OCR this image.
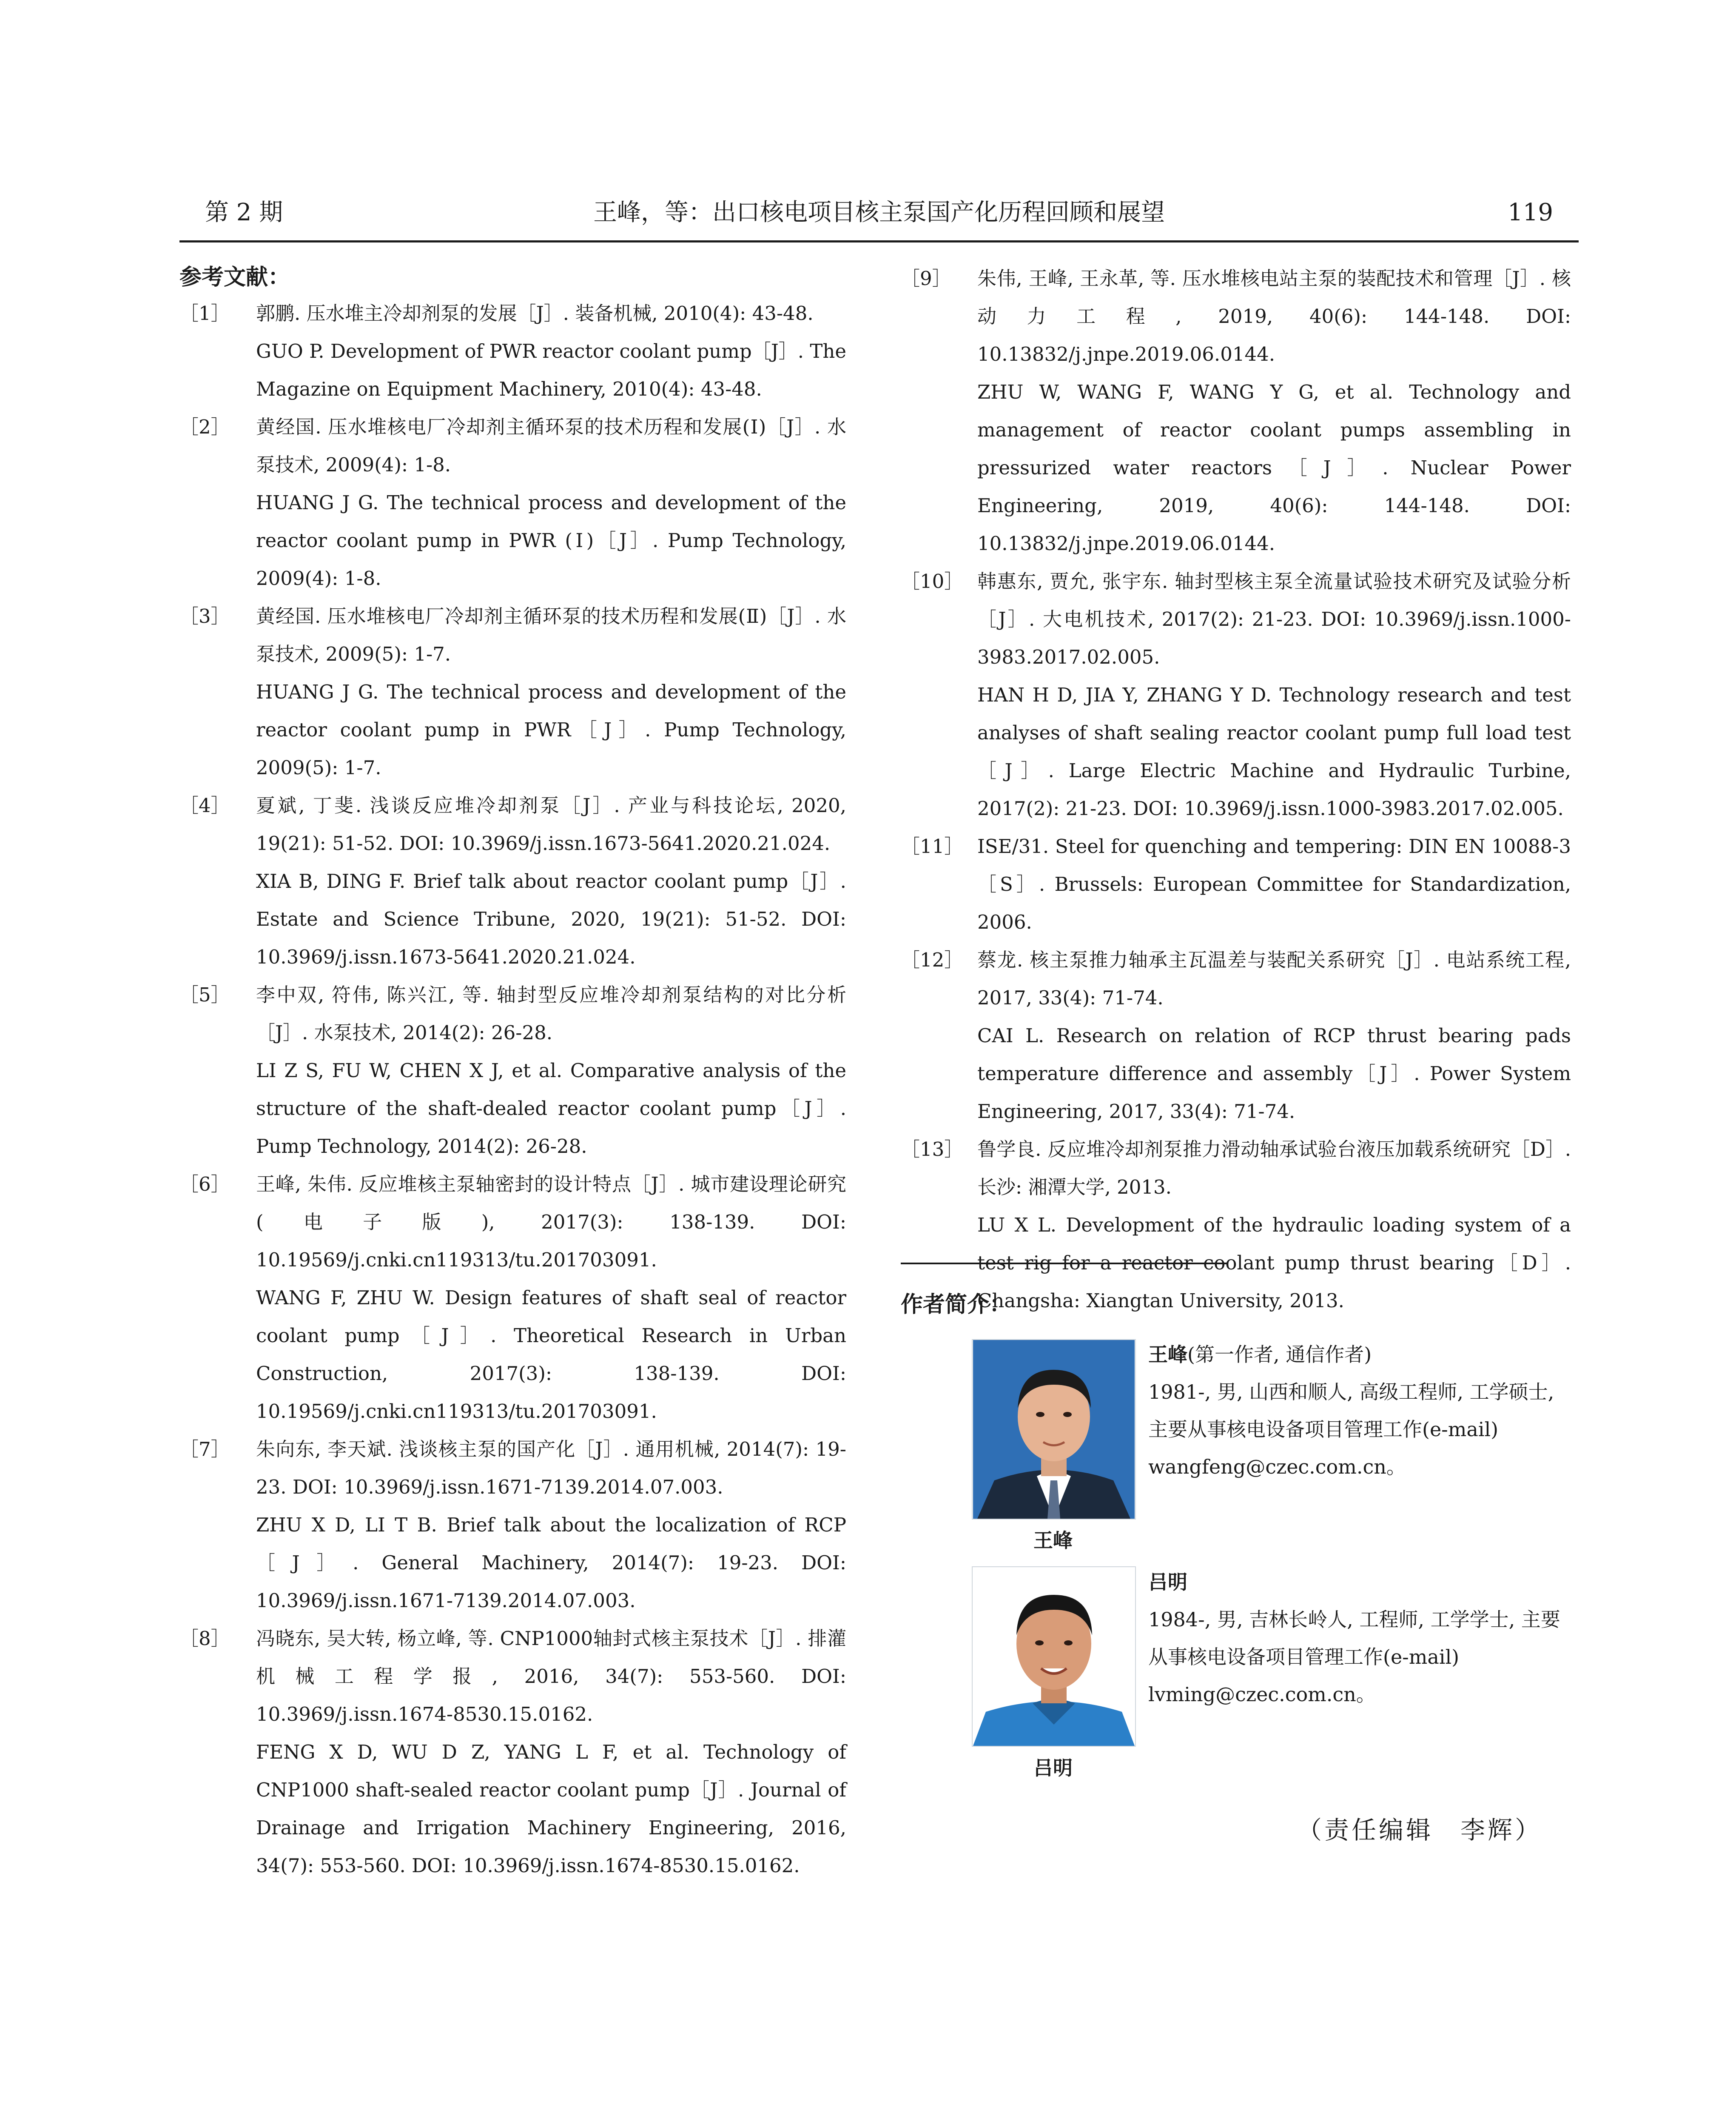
第 2 期	王峰，等：出口核电项目核主泵国产化历程回顾和展望	119
参考文献：
［1］ 郭鹏. 压水堆主冷却剂泵的发展［J］. 装备机械, 2010(4): 43-48.
GUO P. Development of PWR reactor coolant pump［J］. The Magazine on Equipment Machinery, 2010(4): 43-48.
［2］ 黄经国. 压水堆核电厂冷却剂主循环泵的技术历程和发展(Ⅰ)［J］. 水泵技术, 2009(4): 1-8.
HUANG J G. The technical process and development of the reactor coolant pump in PWR (Ⅰ)［J］. Pump Technology, 2009(4): 1-8.
［3］ 黄经国. 压水堆核电厂冷却剂主循环泵的技术历程和发展(Ⅱ)［J］. 水泵技术, 2009(5): 1-7.
HUANG J G. The technical process and development of the reactor coolant pump in PWR［J］. Pump Technology, 2009(5): 1-7.
［4］ 夏斌, 丁斐. 浅谈反应堆冷却剂泵［J］. 产业与科技论坛, 2020, 19(21): 51-52. DOI: 10.3969/j.issn.1673-5641.2020.21.024.
XIA B, DING F. Brief talk about reactor coolant pump［J］. Estate and Science Tribune, 2020, 19(21): 51-52. DOI: 10.3969/j.issn.1673-5641.2020.21.024.
［5］ 李中双, 符伟, 陈兴江, 等. 轴封型反应堆冷却剂泵结构的对比分析［J］. 水泵技术, 2014(2): 26-28.
LI Z S, FU W, CHEN X J, et al. Comparative analysis of the structure of the shaft-dealed reactor coolant pump［J］. Pump Technology, 2014(2): 26-28.
［6］ 王峰, 朱伟. 反应堆核主泵轴密封的设计特点［J］. 城市建设理论研究(电子版), 2017(3): 138-139. DOI: 10.19569/j.cnki.cn119313/tu.201703091.
WANG F, ZHU W. Design features of shaft seal of reactor coolant pump［J］. Theoretical Research in Urban Construction, 2017(3): 138-139. DOI: 10.19569/j.cnki.cn119313/tu.201703091.
［7］ 朱向东, 李天斌. 浅谈核主泵的国产化［J］. 通用机械, 2014(7): 19-23. DOI: 10.3969/j.issn.1671-7139.2014.07.003.
ZHU X D, LI T B. Brief talk about the localization of RCP［J］. General Machinery, 2014(7): 19-23. DOI: 10.3969/j.issn.1671-7139.2014.07.003.
［8］ 冯晓东, 吴大转, 杨立峰, 等. CNP1000轴封式核主泵技术［J］. 排灌机械工程学报, 2016, 34(7): 553-560. DOI: 10.3969/j.issn.1674-8530.15.0162.
FENG X D, WU D Z, YANG L F, et al. Technology of CNP1000 shaft-sealed reactor coolant pump［J］. Journal of Drainage and Irrigation Machinery Engineering, 2016, 34(7): 553-560. DOI: 10.3969/j.issn.1674-8530.15.0162.
［9］ 朱伟, 王峰, 王永革, 等. 压水堆核电站主泵的装配技术和管理［J］. 核动力工程, 2019, 40(6): 144-148. DOI: 10.13832/j.jnpe.2019.06.0144.
ZHU W, WANG F, WANG Y G, et al. Technology and management of reactor coolant pumps assembling in pressurized water reactors［J］. Nuclear Power Engineering, 2019, 40(6): 144-148. DOI: 10.13832/j.jnpe.2019.06.0144.
［10］ 韩惠东, 贾允, 张宇东. 轴封型核主泵全流量试验技术研究及试验分析［J］. 大电机技术, 2017(2): 21-23. DOI: 10.3969/j.issn.1000-3983.2017.02.005.
HAN H D, JIA Y, ZHANG Y D. Technology research and test analyses of shaft sealing reactor coolant pump full load test［J］. Large Electric Machine and Hydraulic Turbine, 2017(2): 21-23. DOI: 10.3969/j.issn.1000-3983.2017.02.005.
［11］ ISE/31. Steel for quenching and tempering: DIN EN 10088-3［S］. Brussels: European Committee for Standardization, 2006.
［12］ 蔡龙. 核主泵推力轴承主瓦温差与装配关系研究［J］. 电站系统工程, 2017, 33(4): 71-74.
CAI L. Research on relation of RCP thrust bearing pads temperature difference and assembly［J］. Power System Engineering, 2017, 33(4): 71-74.
［13］ 鲁学良. 反应堆冷却剂泵推力滑动轴承试验台液压加载系统研究［D］. 长沙: 湘潭大学, 2013.
LU X L. Development of the hydraulic loading system of a test rig for a reactor coolant pump thrust bearing［D］. Changsha: Xiangtan University, 2013.
作者简介：
王峰
吕明
王峰(第一作者, 通信作者)
1981-, 男, 山西和顺人, 高级工程师, 工学硕士, 主要从事核电设备项目管理工作(e-mail) wangfeng@czec.com.cn。
吕明
1984-, 男, 吉林长岭人, 工程师, 工学学士, 主要从事核电设备项目管理工作(e-mail) lvming@czec.com.cn。
（责任编辑　李辉）
